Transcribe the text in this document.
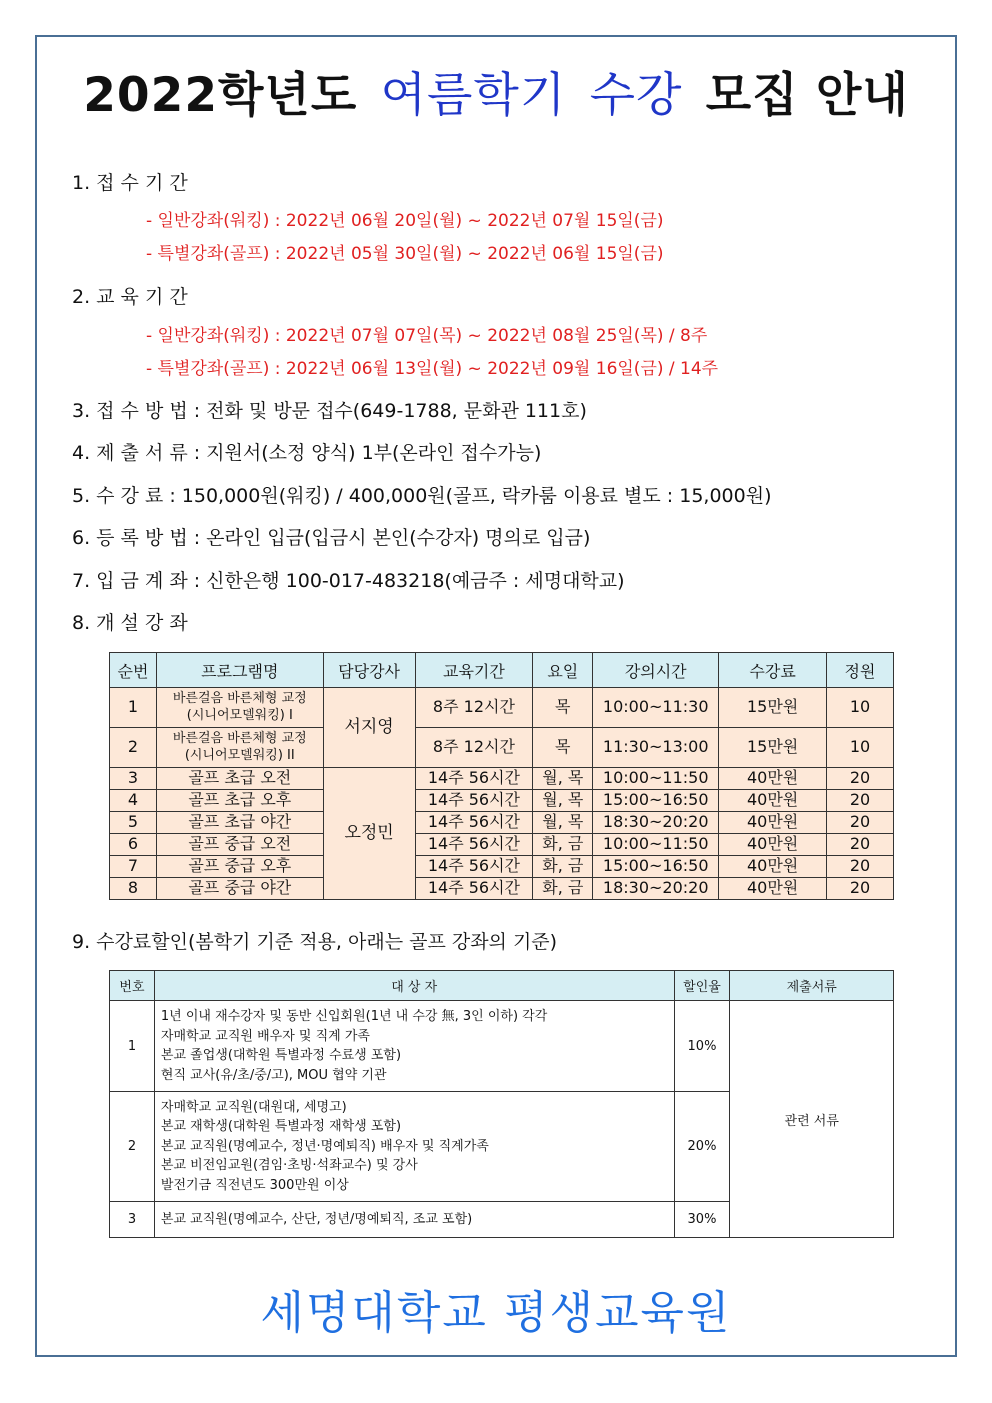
2022학년도 여름학기 수강 모집 안내
1. 접 수 기 간
- 일반강좌(워킹) : 2022년 06월 20일(월) ~ 2022년 07월 15일(금)
- 특별강좌(골프) : 2022년 05월 30일(월) ~ 2022년 06월 15일(금)
2. 교 육 기 간
- 일반강좌(워킹) : 2022년 07월 07일(목) ~ 2022년 08월 25일(목) / 8주
- 특별강좌(골프) : 2022년 06월 13일(월) ~ 2022년 09월 16일(금) / 14주
3. 접 수 방 법 : 전화 및 방문 접수(649-1788, 문화관 111호)
4. 제 출 서 류 : 지원서(소정 양식) 1부(온라인 접수가능)
5. 수 강 료 : 150,000원(워킹) / 400,000원(골프, 락카룸 이용료 별도 : 15,000원)
6. 등 록 방 법 : 온라인 입금(입금시 본인(수강자) 명의로 입금)
7. 입 금 계 좌 : 신한은행 100-017-483218(예금주 : 세명대학교)
8. 개 설 강 좌
순번	프로그램명	담당강사	교육기간	요일	강의시간	수강료	정원
1	바른걸음 바른체형 교정
(시니어모델워킹) I	서지영	8주 12시간	목	10:00~11:30	15만원	10
2	바른걸음 바른체형 교정
(시니어모델워킹) II		8주 12시간	목	11:30~13:00	15만원	10
3	골프 초급 오전	오정민	14주 56시간	월, 목	10:00~11:50	40만원	20
4	골프 초급 오후		14주 56시간	월, 목	15:00~16:50	40만원	20
5	골프 초급 야간		14주 56시간	월, 목	18:30~20:20	40만원	20
6	골프 중급 오전		14주 56시간	화, 금	10:00~11:50	40만원	20
7	골프 중급 오후		14주 56시간	화, 금	15:00~16:50	40만원	20
8	골프 중급 야간		14주 56시간	화, 금	18:30~20:20	40만원	20
9. 수강료할인(봄학기 기준 적용, 아래는 골프 강좌의 기준)
번호	대 상 자	할인율	제출서류
1	1년 이내 재수강자 및 동반 신입회원(1년 내 수강 無, 3인 이하) 각각
자매학교 교직원 배우자 및 직계 가족
본교 졸업생(대학원 특별과정 수료생 포함)
현직 교사(유/초/중/고), MOU 협약 기관	10%	관련 서류
2	자매학교 교직원(대원대, 세명고)
본교 재학생(대학원 특별과정 재학생 포함)
본교 교직원(명예교수, 정년·명예퇴직) 배우자 및 직계가족
본교 비전임교원(겸임·초빙·석좌교수) 및 강사
발전기금 직전년도 300만원 이상	20%	
3	본교 교직원(명예교수, 산단, 정년/명예퇴직, 조교 포함)	30%	
세명대학교 평생교육원
